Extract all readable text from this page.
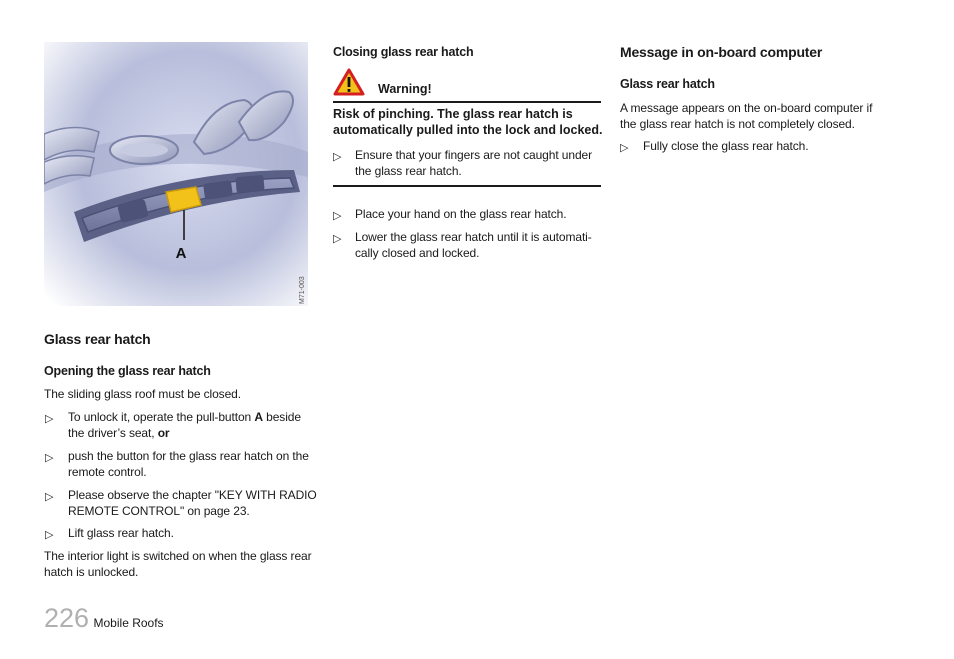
A
M71-003
Glass rear hatch
Opening the glass rear hatch
The sliding glass roof must be closed.
▷ To unlock it, operate the pull-button A beside
the driver’s seat, or
▷ push the button for the glass rear hatch on the
remote control.
▷ Please observe the chapter "KEY WITH RADIO
REMOTE CONTROL" on page 23.
▷ Lift glass rear hatch.
The interior light is switched on when the glass rear
hatch is unlocked.
Closing glass rear hatch
Warning!
Risk of pinching. The glass rear hatch is
automatically pulled into the lock and locked.
▷ Ensure that your fingers are not caught under
the glass rear hatch.
▷ Place your hand on the glass rear hatch.
▷ Lower the glass rear hatch until it is automati-
cally closed and locked.
Message in on-board computer
Glass rear hatch
A message appears on the on-board computer if
the glass rear hatch is not completely closed.
▷ Fully close the glass rear hatch.
226 Mobile Roofs
